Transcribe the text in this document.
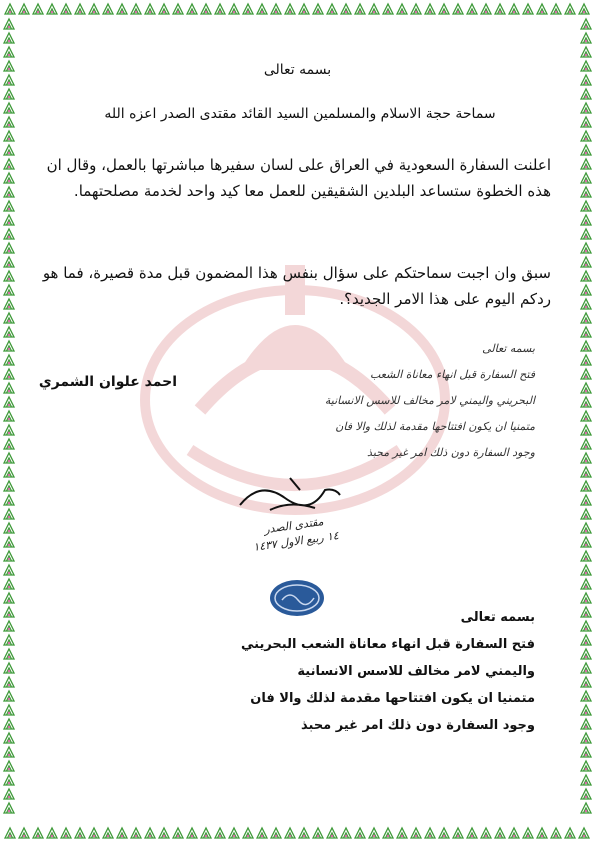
بسمه تعالى
سماحة حجة الاسلام والمسلمين السيد القائد مقتدى الصدر اعزه الله
اعلنت السفارة السعودية في العراق على لسان سفيرها مباشرتها بالعمل، وقال ان هذه الخطوة ستساعد البلدين الشقيقين للعمل معا كيد واحد لخدمة مصلحتهما.
سبق وان اجبت سماحتكم على سؤال بنفس هذا المضمون قبل مدة قصيرة، فما هو ردكم اليوم على هذا الامر الجديد؟.
احمد علوان الشمري
بسمه تعالى
فتح السفارة قبل انهاء معاناة الشعب
البحريني واليمني لامر مخالف للاسس الانسانية
متمنيا ان يكون افتتاحها مقدمة لذلك والا فان
وجود السفارة دون ذلك امر غير محبذ
مقتدى الصدر
١٤ ربيع الاول ١٤٣٧
بسمه تعالى
فتح السفارة قبل انهاء معاناة الشعب البحريني
واليمني لامر مخالف للاسس الانسانية
متمنيا ان يكون افتتاحها مقدمة لذلك والا فان
وجود السفارة دون ذلك امر غير محبذ
